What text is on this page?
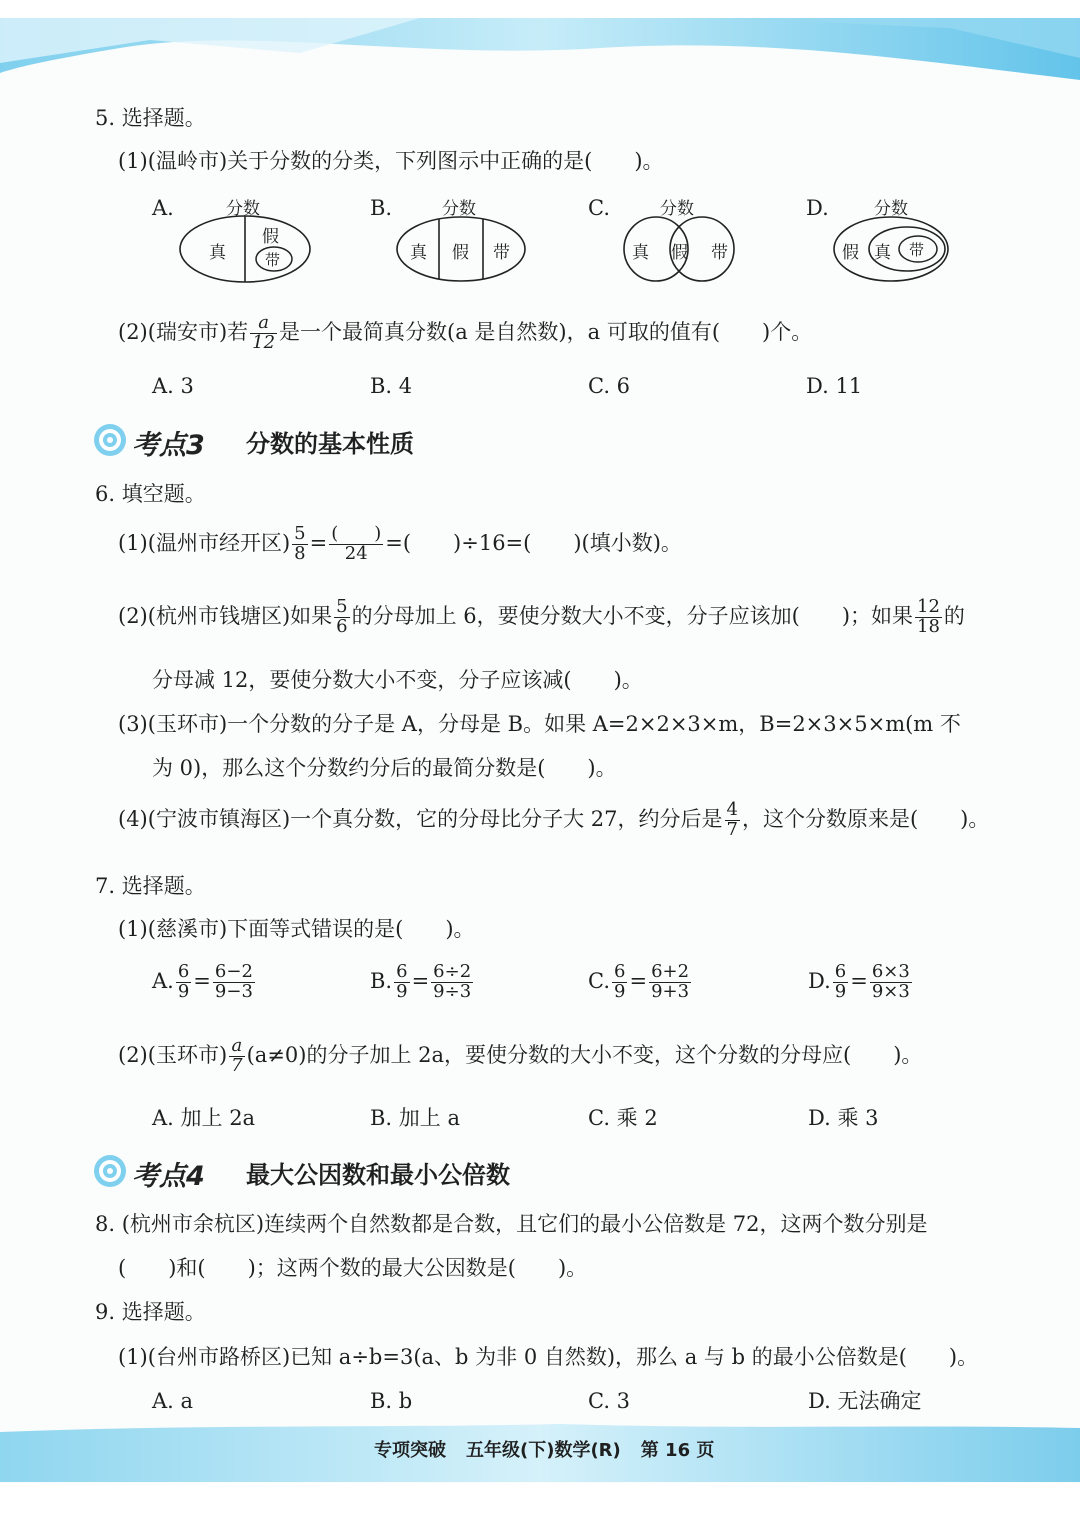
5. 选择题。
(1)(温岭市)关于分数的分类，下列图示中正确的是(　　)。
A.	B.	C.	D.
分数
真
假
带
分数
真 假 带
分数
真 假 带
分数
假 真 带
(2)(瑞安市)若 $\frac{a}{12}$ 是一个最简真分数(a 是自然数)，a 可取的值有(　　)个。
A. 3	B. 4	C. 6	D. 11
考点3 分数的基本性质
6. 填空题。
(1)(温州市经开区) $\frac{5}{8} = \frac{( )}{24}$ =(　　)÷16=(　　)(填小数)。
(2)(杭州市钱塘区)如果 $\frac{5}{6}$ 的分母加上 6，要使分数大小不变，分子应该加(　　)；如果 $\frac{12}{18}$ 的
分母减 12，要使分数大小不变，分子应该减(　　)。
(3)(玉环市)一个分数的分子是 A，分母是 B。如果 A=2×2×3×m，B=2×3×5×m(m 不
为 0)，那么这个分数约分后的最简分数是(　　)。
(4)(宁波市镇海区)一个真分数，它的分母比分子大 27，约分后是 $\frac{4}{7}$ ，这个分数原来是(　　)。
7. 选择题。
(1)(慈溪市)下面等式错误的是(　　)。
A. $\frac{6}{9} = \frac{6-2}{9-3}$	B. $\frac{6}{9} = \frac{6\div 2}{9\div 3}$	C. $\frac{6}{9} = \frac{6+2}{9+3}$	D. $\frac{6}{9} = \frac{6\times 3}{9\times 3}$
(2)(玉环市) $\frac{a}{7} (a\ne 0)$的分子加上 2a，要使分数的大小不变，这个分数的分母应(　　)。
A. 加上 2a	B. 加上 a	C. 乘 2	D. 乘 3
考点4 最大公因数和最小公倍数
8. (杭州市余杭区)连续两个自然数都是合数，且它们的最小公倍数是 72，这两个数分别是
(　　)和(　　)；这两个数的最大公因数是(　　)。
9. 选择题。
(1)(台州市路桥区)已知 a÷b=3(a、b 为非 0 自然数)，那么 a 与 b 的最小公倍数是(　　)。
A. a	B. b	C. 3	D. 无法确定
专项突破 五年级(下)数学(R) 第 16 页
